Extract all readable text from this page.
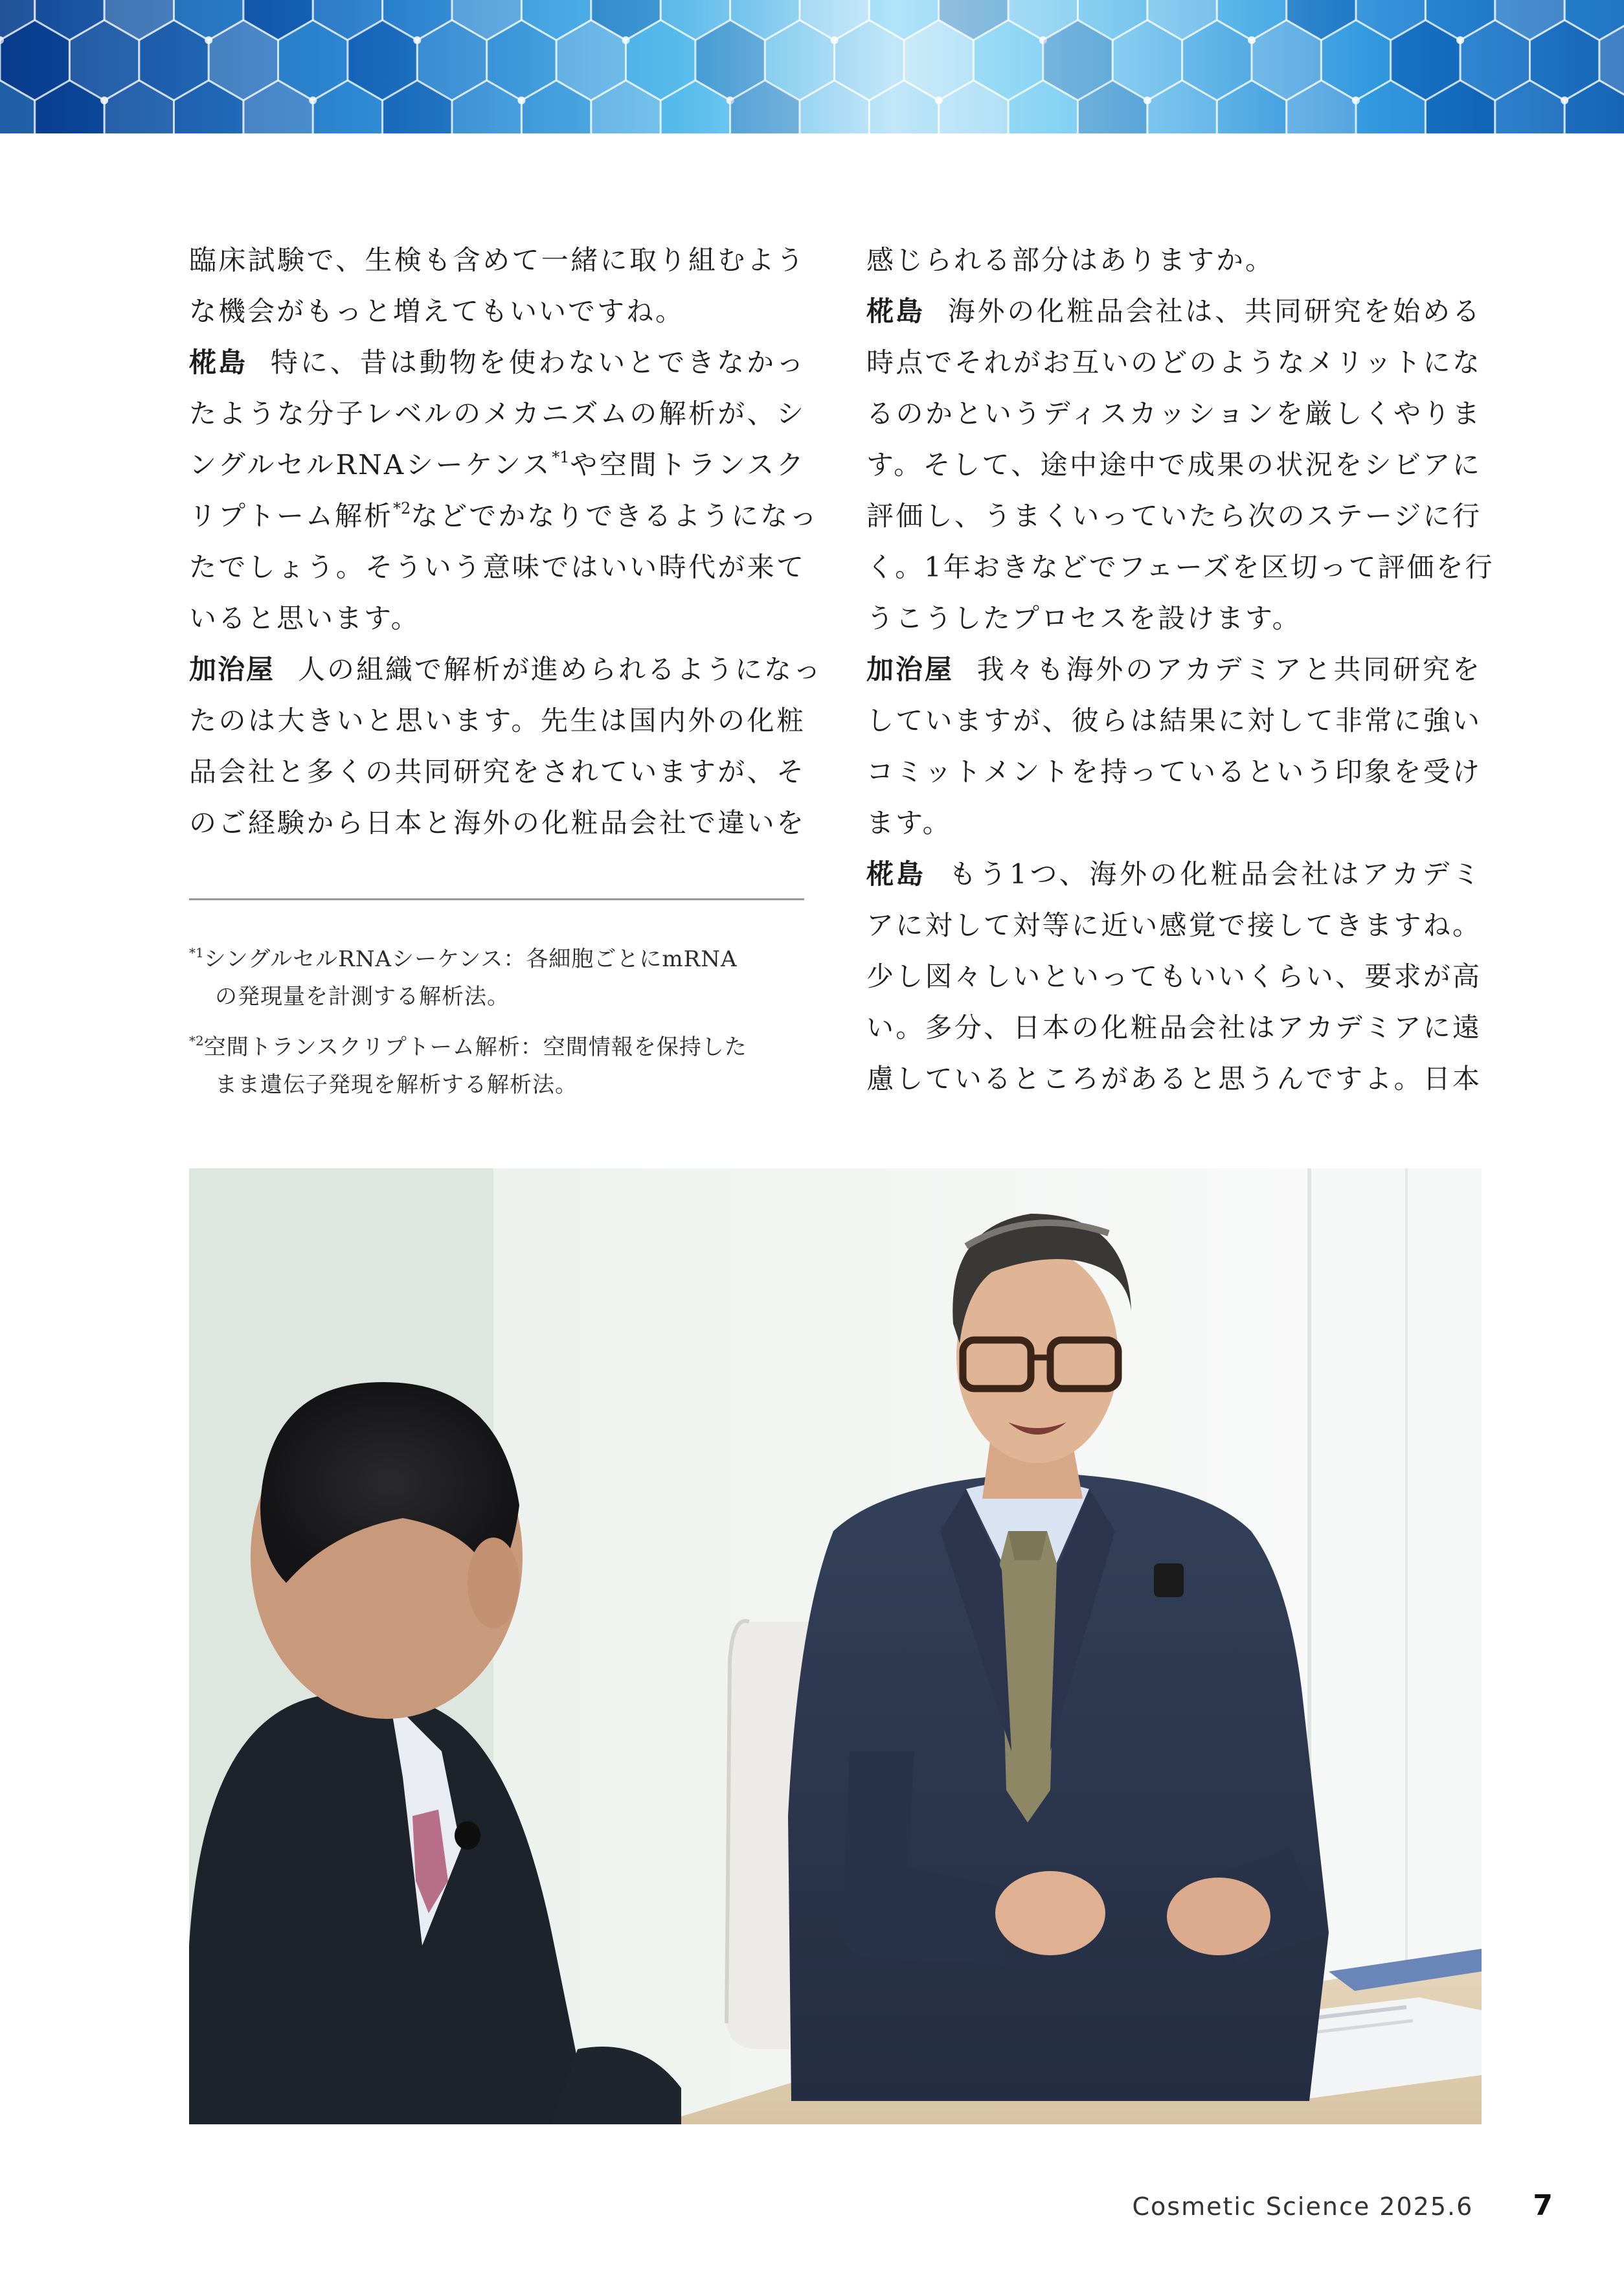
臨床試験で、生検も含めて一緒に取り組むよう
な機会がもっと増えてもいいですね。
椛島 特に、昔は動物を使わないとできなかっ
たような分子レベルのメカニズムの解析が、シ
ングルセルRNAシーケンス$^{*1}$や空間トランスク
リプトーム解析$^{*2}$などでかなりできるようになっ
たでしょう。そういう意味ではいい時代が来て
いると思います。
加治屋 人の組織で解析が進められるようになっ
たのは大きいと思います。先生は国内外の化粧
品会社と多くの共同研究をされていますが、そ
のご経験から日本と海外の化粧品会社で違いを
感じられる部分はありますか。
椛島 海外の化粧品会社は、共同研究を始める
時点でそれがお互いのどのようなメリットにな
るのかというディスカッションを厳しくやりま
す。そして、途中途中で成果の状況をシビアに
評価し、うまくいっていたら次のステージに行
く。1年おきなどでフェーズを区切って評価を行
うこうしたプロセスを設けます。
加治屋 我々も海外のアカデミアと共同研究を
していますが、彼らは結果に対して非常に強い
コミットメントを持っているという印象を受け
ます。
椛島 もう1つ、海外の化粧品会社はアカデミ
アに対して対等に近い感覚で接してきますね。
少し図々しいといってもいいくらい、要求が高
い。多分、日本の化粧品会社はアカデミアに遠
慮しているところがあると思うんですよ。日本
$^{*1}$シングルセルRNAシーケンス：各細胞ごとにmRNA
の発現量を計測する解析法。
$^{*2}$空間トランスクリプトーム解析：空間情報を保持した
まま遺伝子発現を解析する解析法。
Cosmetic Science 2025.6 7
